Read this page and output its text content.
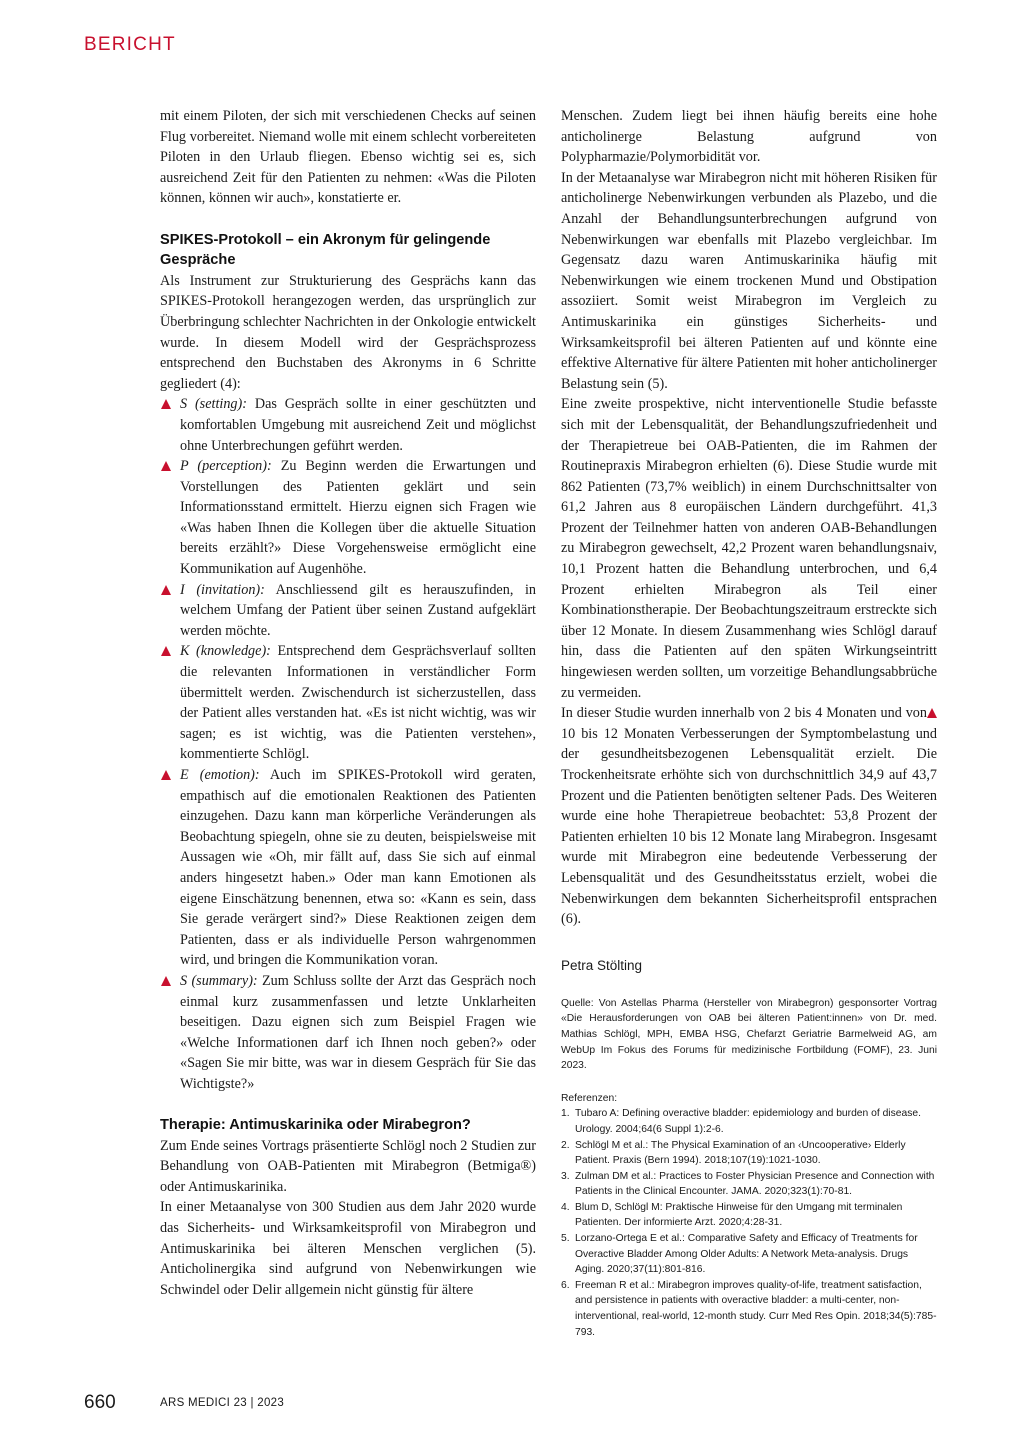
BERICHT

mit einem Piloten, der sich mit verschiedenen Checks auf seinen Flug vorbereitet. Niemand wolle mit einem schlecht vorbereiteten Piloten in den Urlaub fliegen. Ebenso wichtig sei es, sich ausreichend Zeit für den Patienten zu nehmen: «Was die Piloten können, können wir auch», konstatierte er.

SPIKES-Protokoll – ein Akronym für gelingende Gespräche

Als Instrument zur Strukturierung des Gesprächs kann das SPIKES-Protokoll herangezogen werden, das ursprünglich zur Überbringung schlechter Nachrichten in der Onkologie entwickelt wurde. In diesem Modell wird der Gesprächsprozess entsprechend den Buchstaben des Akronyms in 6 Schritte gegliedert (4):

S (setting): Das Gespräch sollte in einer geschützten und komfortablen Umgebung mit ausreichend Zeit und möglichst ohne Unterbrechungen geführt werden.

P (perception): Zu Beginn werden die Erwartungen und Vorstellungen des Patienten geklärt und sein Informationsstand ermittelt. Hierzu eignen sich Fragen wie «Was haben Ihnen die Kollegen über die aktuelle Situation bereits erzählt?» Diese Vorgehensweise ermöglicht eine Kommunikation auf Augenhöhe.

I (invitation): Anschliessend gilt es herauszufinden, in welchem Umfang der Patient über seinen Zustand aufgeklärt werden möchte.

K (knowledge): Entsprechend dem Gesprächsverlauf sollten die relevanten Informationen in verständlicher Form übermittelt werden. Zwischendurch ist sicherzustellen, dass der Patient alles verstanden hat. «Es ist nicht wichtig, was wir sagen; es ist wichtig, was die Patienten verstehen», kommentierte Schlögl.

E (emotion): Auch im SPIKES-Protokoll wird geraten, empathisch auf die emotionalen Reaktionen des Patienten einzugehen. Dazu kann man körperliche Veränderungen als Beobachtung spiegeln, ohne sie zu deuten, beispielsweise mit Aussagen wie «Oh, mir fällt auf, dass Sie sich auf einmal anders hingesetzt haben.» Oder man kann Emotionen als eigene Einschätzung benennen, etwa so: «Kann es sein, dass Sie gerade verärgert sind?» Diese Reaktionen zeigen dem Patienten, dass er als individuelle Person wahrgenommen wird, und bringen die Kommunikation voran.

S (summary): Zum Schluss sollte der Arzt das Gespräch noch einmal kurz zusammenfassen und letzte Unklarheiten beseitigen. Dazu eignen sich zum Beispiel Fragen wie «Welche Informationen darf ich Ihnen noch geben?» oder «Sagen Sie mir bitte, was war in diesem Gespräch für Sie das Wichtigste?»

Therapie: Antimuskarinika oder Mirabegron?

Zum Ende seines Vortrags präsentierte Schlögl noch 2 Studien zur Behandlung von OAB-Patienten mit Mirabegron (Betmiga®) oder Antimuskarinika.

In einer Metaanalyse von 300 Studien aus dem Jahr 2020 wurde das Sicherheits- und Wirksamkeitsprofil von Mirabegron und Antimuskarinika bei älteren Menschen verglichen (5). Anticholinergika sind aufgrund von Nebenwirkungen wie Schwindel oder Delir allgemein nicht günstig für ältere

Menschen. Zudem liegt bei ihnen häufig bereits eine hohe anticholinerge Belastung aufgrund von Polypharmazie/Polymorbidität vor.

In der Metaanalyse war Mirabegron nicht mit höheren Risiken für anticholinerge Nebenwirkungen verbunden als Plazebo, und die Anzahl der Behandlungsunterbrechungen aufgrund von Nebenwirkungen war ebenfalls mit Plazebo vergleichbar. Im Gegensatz dazu waren Antimuskarinika häufig mit Nebenwirkungen wie einem trockenen Mund und Obstipation assoziiert. Somit weist Mirabegron im Vergleich zu Antimuskarinika ein günstiges Sicherheits- und Wirksamkeitsprofil bei älteren Patienten auf und könnte eine effektive Alternative für ältere Patienten mit hoher anticholinerger Belastung sein (5).

Eine zweite prospektive, nicht interventionelle Studie befasste sich mit der Lebensqualität, der Behandlungszufriedenheit und der Therapietreue bei OAB-Patienten, die im Rahmen der Routinepraxis Mirabegron erhielten (6). Diese Studie wurde mit 862 Patienten (73,7% weiblich) in einem Durchschnittsalter von 61,2 Jahren aus 8 europäischen Ländern durchgeführt. 41,3 Prozent der Teilnehmer hatten von anderen OAB-Behandlungen zu Mirabegron gewechselt, 42,2 Prozent waren behandlungsnaiv, 10,1 Prozent hatten die Behandlung unterbrochen, und 6,4 Prozent erhielten Mirabegron als Teil einer Kombinationstherapie. Der Beobachtungszeitraum erstreckte sich über 12 Monate. In diesem Zusammenhang wies Schlögl darauf hin, dass die Patienten auf den späten Wirkungseintritt hingewiesen werden sollten, um vorzeitige Behandlungsabbrüche zu vermeiden.

In dieser Studie wurden innerhalb von 2 bis 4 Monaten und von 10 bis 12 Monaten Verbesserungen der Symptombelastung und der gesundheitsbezogenen Lebensqualität erzielt. Die Trockenheitsrate erhöhte sich von durchschnittlich 34,9 auf 43,7 Prozent und die Patienten benötigten seltener Pads. Des Weiteren wurde eine hohe Therapietreue beobachtet: 53,8 Prozent der Patienten erhielten 10 bis 12 Monate lang Mirabegron. Insgesamt wurde mit Mirabegron eine bedeutende Verbesserung der Lebensqualität und des Gesundheitsstatus erzielt, wobei die Nebenwirkungen dem bekannten Sicherheitsprofil entsprachen (6).

Petra Stölting
Quelle: Von Astellas Pharma (Hersteller von Mirabegron) gesponsorter Vortrag «Die Herausforderungen von OAB bei älteren Patient:innen» von Dr. med. Mathias Schlögl, MPH, EMBA HSG, Chefarzt Geriatrie Barmelweid AG, am WebUp Im Fokus des Forums für medizinische Fortbildung (FOMF), 23. Juni 2023.
Referenzen:
1. Tubaro A: Defining overactive bladder: epidemiology and burden of disease. Urology. 2004;64(6 Suppl 1):2-6.
2. Schlögl M et al.: The Physical Examination of an ‹Uncooperative› Elderly Patient. Praxis (Bern 1994). 2018;107(19):1021-1030.
3. Zulman DM et al.: Practices to Foster Physician Presence and Connection with Patients in the Clinical Encounter. JAMA. 2020;323(1):70-81.
4. Blum D, Schlögl M: Praktische Hinweise für den Umgang mit terminalen Patienten. Der informierte Arzt. 2020;4:28-31.
5. Lorzano-Ortega E et al.: Comparative Safety and Efficacy of Treatments for Overactive Bladder Among Older Adults: A Network Meta-analysis. Drugs Aging. 2020;37(11):801-816.
6. Freeman R et al.: Mirabegron improves quality-of-life, treatment satisfaction, and persistence in patients with overactive bladder: a multi-center, non-interventional, real-world, 12-month study. Curr Med Res Opin. 2018;34(5):785-793.
660	ARS MEDICI 23 | 2023
